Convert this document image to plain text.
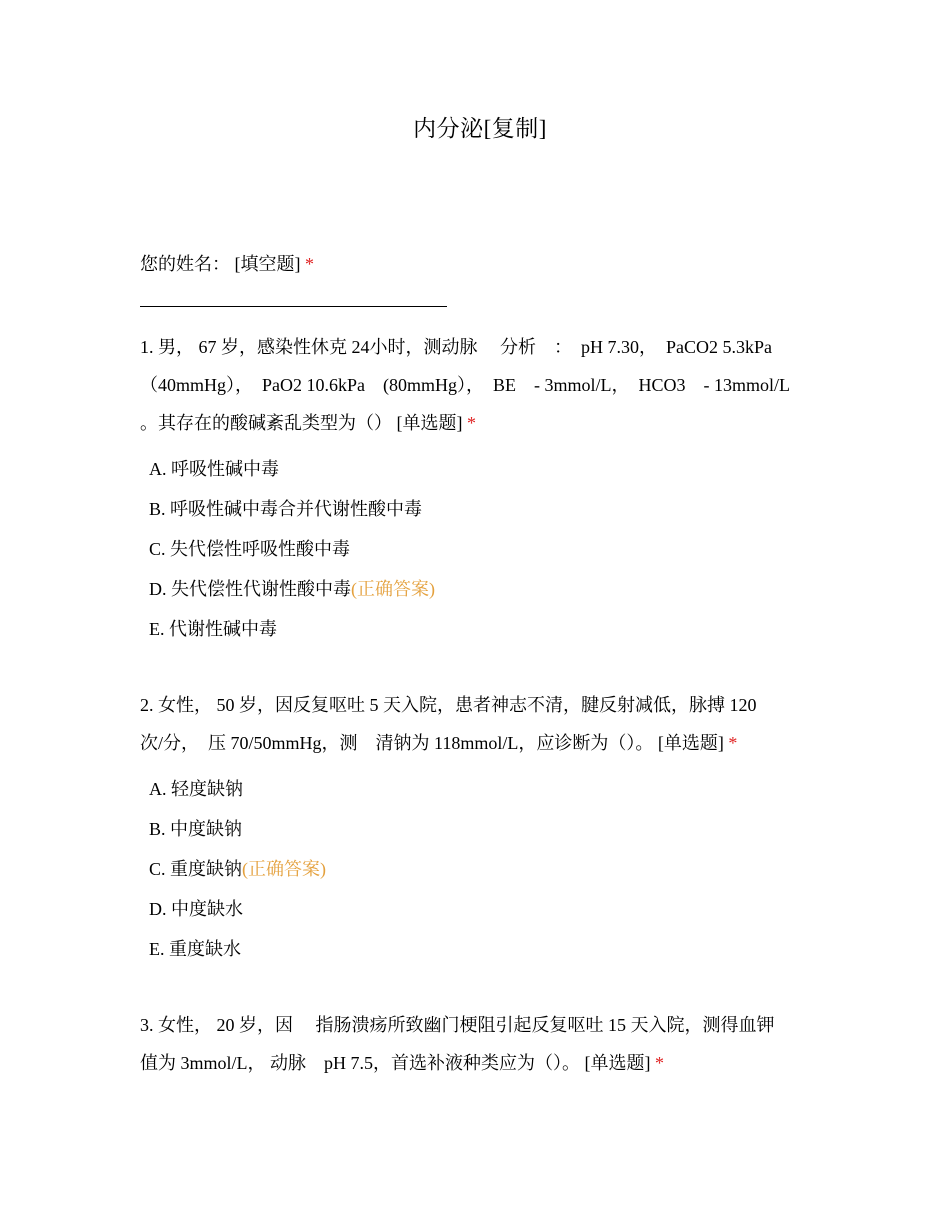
内分泌[复制]
您的姓名： [填空题] *
1. 男， 67 岁，感染性休克 24小时，测动脉　 分析　：　pH 7.30，　PaCO2 5.3kPa
（40mmHg），　PaO2 10.6kPa　(80mmHg），　BE　- 3mmol/L，　HCO3　- 13mmol/L
。其存在的酸碱紊乱类型为（） [单选题] *
A. 呼吸性碱中毒
B. 呼吸性碱中毒合并代谢性酸中毒
C. 失代偿性呼吸性酸中毒
D. 失代偿性代谢性酸中毒(正确答案)
E. 代谢性碱中毒
2. 女性， 50 岁，因反复呕吐 5 天入院，患者神志不清，腱反射减低，脉搏 120
次/分，　压 70/50mmHg，测　清钠为 118mmol/L，应诊断为（）。 [单选题] *
A. 轻度缺钠
B. 中度缺钠
C. 重度缺钠(正确答案)
D. 中度缺水
E. 重度缺水
3. 女性， 20 岁，因　 指肠溃疡所致幽门梗阻引起反复呕吐 15 天入院，测得血钾
值为 3mmol/L， 动脉　pH 7.5，首选补液种类应为（）。 [单选题] *
